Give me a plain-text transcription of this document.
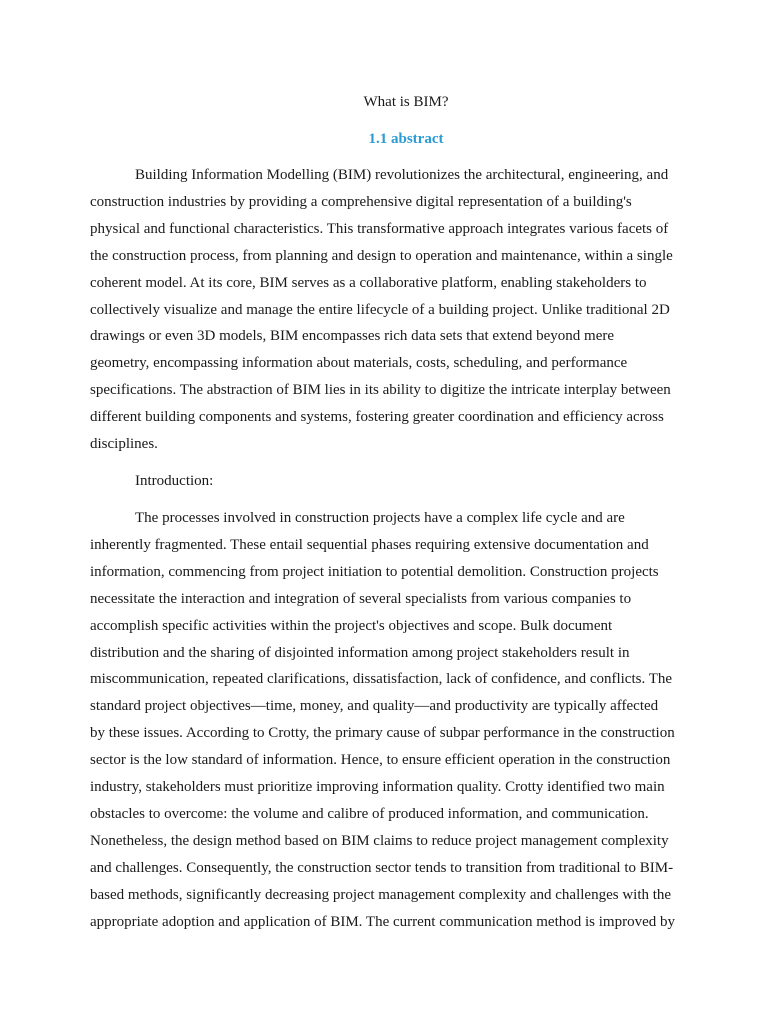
What is BIM?
1.1 abstract
Building Information Modelling (BIM) revolutionizes the architectural, engineering, and
construction industries by providing a comprehensive digital representation of a building's
physical and functional characteristics. This transformative approach integrates various facets of
the construction process, from planning and design to operation and maintenance, within a single
coherent model. At its core, BIM serves as a collaborative platform, enabling stakeholders to
collectively visualize and manage the entire lifecycle of a building project. Unlike traditional 2D
drawings or even 3D models, BIM encompasses rich data sets that extend beyond mere
geometry, encompassing information about materials, costs, scheduling, and performance
specifications. The abstraction of BIM lies in its ability to digitize the intricate interplay between
different building components and systems, fostering greater coordination and efficiency across
disciplines.

Introduction:

The processes involved in construction projects have a complex life cycle and are
inherently fragmented. These entail sequential phases requiring extensive documentation and
information, commencing from project initiation to potential demolition. Construction projects
necessitate the interaction and integration of several specialists from various companies to
accomplish specific activities within the project's objectives and scope. Bulk document
distribution and the sharing of disjointed information among project stakeholders result in
miscommunication, repeated clarifications, dissatisfaction, lack of confidence, and conflicts. The
standard project objectives—time, money, and quality—and productivity are typically affected
by these issues. According to Crotty, the primary cause of subpar performance in the construction
sector is the low standard of information. Hence, to ensure efficient operation in the construction
industry, stakeholders must prioritize improving information quality. Crotty identified two main
obstacles to overcome: the volume and calibre of produced information, and communication.
Nonetheless, the design method based on BIM claims to reduce project management complexity
and challenges. Consequently, the construction sector tends to transition from traditional to BIM-
based methods, significantly decreasing project management complexity and challenges with the
appropriate adoption and application of BIM. The current communication method is improved by
